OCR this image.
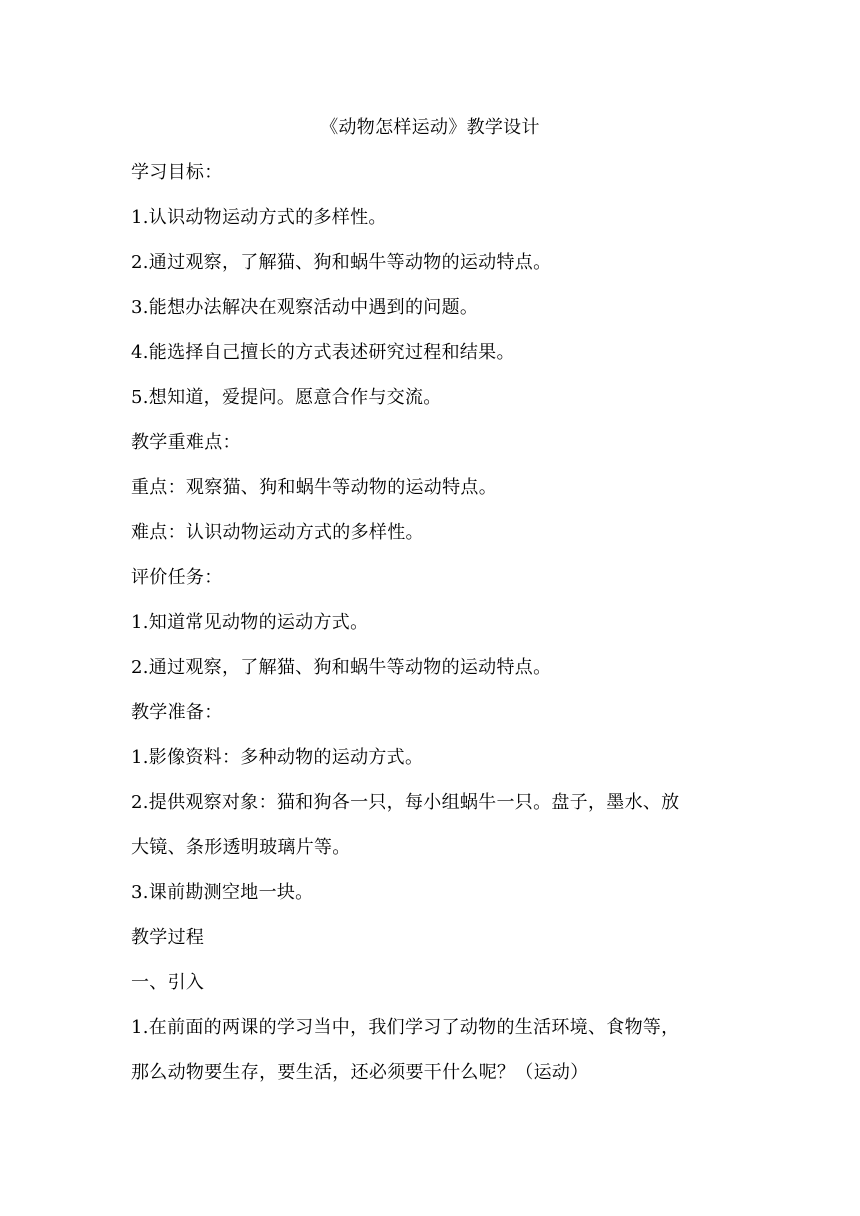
《动物怎样运动》教学设计
学习目标：
1.认识动物运动方式的多样性。
2.通过观察，了解猫、狗和蜗牛等动物的运动特点。
3.能想办法解决在观察活动中遇到的问题。
4.能选择自己擅长的方式表述研究过程和结果。
5.想知道，爱提问。愿意合作与交流。
教学重难点：
重点：观察猫、狗和蜗牛等动物的运动特点。
难点：认识动物运动方式的多样性。
评价任务：
1.知道常见动物的运动方式。
2.通过观察，了解猫、狗和蜗牛等动物的运动特点。
教学准备：
1.影像资料：多种动物的运动方式。
2.提供观察对象：猫和狗各一只，每小组蜗牛一只。盘子，墨水、放
大镜、条形透明玻璃片等。
3.课前勘测空地一块。
教学过程
一、引入
1.在前面的两课的学习当中，我们学习了动物的生活环境、食物等，
那么动物要生存，要生活，还必须要干什么呢？（运动）
